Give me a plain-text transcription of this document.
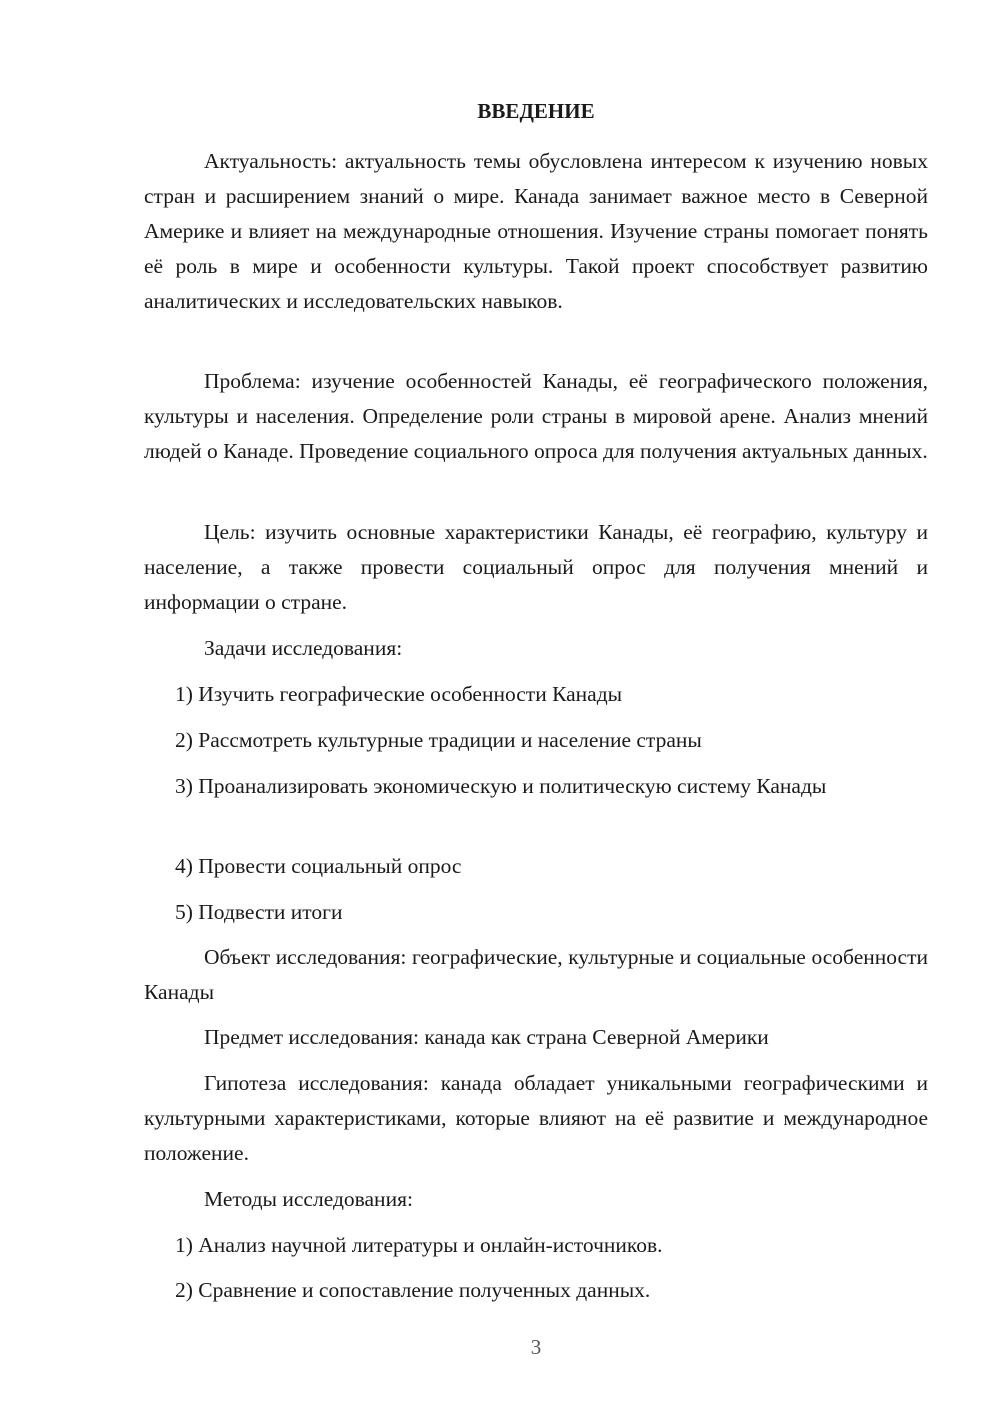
ВВЕДЕНИЕ

Актуальность: актуальность темы обусловлена интересом к изучению новых стран и расширением знаний о мире. Канада занимает важное место в Северной Америке и влияет на международные отношения. Изучение страны помогает понять её роль в мире и особенности культуры. Такой проект способствует развитию аналитических и исследовательских навыков.

Проблема: изучение особенностей Канады, её географического положения, культуры и населения. Определение роли страны в мировой арене. Анализ мнений людей о Канаде. Проведение социального опроса для получения актуальных данных.

Цель: изучить основные характеристики Канады, её географию, культуру и население, а также провести социальный опрос для получения мнений и информации о стране.

Задачи исследования:

1) Изучить географические особенности Канады

2) Рассмотреть культурные традиции и население страны

3) Проанализировать экономическую и политическую систему Канады

4) Провести социальный опрос

5) Подвести итоги

Объект исследования: географические, культурные и социальные особенности Канады

Предмет исследования: канада как страна Северной Америки

Гипотеза исследования: канада обладает уникальными географическими и культурными характеристиками, которые влияют на её развитие и международное положение.

Методы исследования:

1) Анализ научной литературы и онлайн-источников.

2) Сравнение и сопоставление полученных данных.

3
